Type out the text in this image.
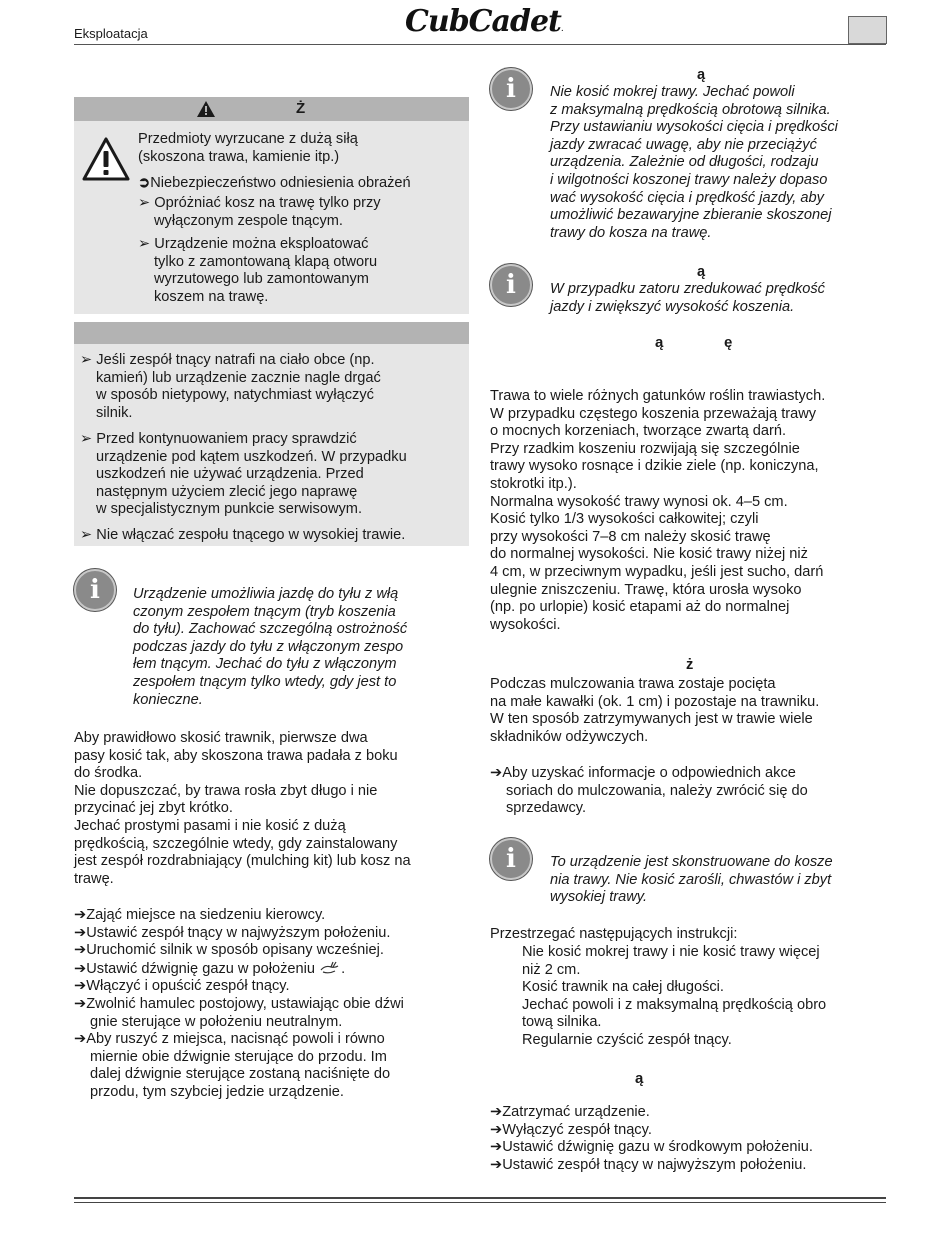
Eksploatacja	CubCadet.
Ż
Przedmioty wyrzucane z dużą siłą
(skoszona trawa, kamienie itp.)
➲Niebezpieczeństwo odniesienia obrażeń
➢ Opróżniać kosz na trawę tylko przy
wyłączonym zespole tnącym.
➢ Urządzenie można eksploatować
tylko z zamontowaną klapą otworu
wyrzutowego lub zamontowanym
koszem na trawę.
➢ Jeśli zespół tnący natrafi na ciało obce (np.
kamień) lub urządzenie zacznie nagle drgać
w sposób nietypowy, natychmiast wyłączyć
silnik.
➢ Przed kontynuowaniem pracy sprawdzić
urządzenie pod kątem uszkodzeń. W przypadku
uszkodzeń nie używać urządzenia. Przed
następnym użyciem zlecić jego naprawę
w specjalistycznym punkcie serwisowym.
➢ Nie włączać zespołu tnącego w wysokiej trawie.
i	Urządzenie umożliwia jazdę do tyłu z włą
czonym zespołem tnącym (tryb koszenia
do tyłu). Zachować szczególną ostrożność
podczas jazdy do tyłu z włączonym zespo
łem tnącym. Jechać do tyłu z włączonym
zespołem tnącym tylko wtedy, gdy jest to
konieczne.
Aby prawidłowo skosić trawnik, pierwsze dwa
pasy kosić tak, aby skoszona trawa padała z boku
do środka.
Nie dopuszczać, by trawa rosła zbyt długo i nie
przycinać jej zbyt krótko.
Jechać prostymi pasami i nie kosić z dużą
prędkością, szczególnie wtedy, gdy zainstalowany
jest zespół rozdrabniający (mulching kit) lub kosz na
trawę.
➔Zająć miejsce na siedzeniu kierowcy.
➔Ustawić zespół tnący w najwyższym położeniu.
➔Uruchomić silnik w sposób opisany wcześniej.
➔Ustawić dźwignię gazu w położeniu .
➔Włączyć i opuścić zespół tnący.
➔Zwolnić hamulec postojowy, ustawiając obie dźwi
gnie sterujące w położeniu neutralnym.
➔Aby ruszyć z miejsca, nacisnąć powoli i równo
miernie obie dźwignie sterujące do przodu. Im
dalej dźwignie sterujące zostaną naciśnięte do
przodu, tym szybciej jedzie urządzenie.
i	ą
Nie kosić mokrej trawy. Jechać powoli
z maksymalną prędkością obrotową silnika.
Przy ustawianiu wysokości cięcia i prędkości
jazdy zwracać uwagę, aby nie przeciążyć
urządzenia. Zależnie od długości, rodzaju
i wilgotności koszonej trawy należy dopaso
wać wysokość cięcia i prędkość jazdy, aby
umożliwić bezawaryjne zbieranie skoszonej
trawy do kosza na trawę.
i	ą
W przypadku zatoru zredukować prędkość
jazdy i zwiększyć wysokość koszenia.
ą	ę
Trawa to wiele różnych gatunków roślin trawiastych.
W przypadku częstego koszenia przeważają trawy
o mocnych korzeniach, tworzące zwartą darń.
Przy rzadkim koszeniu rozwijają się szczególnie
trawy wysoko rosnące i dzikie ziele (np. koniczyna,
stokrotki itp.).
Normalna wysokość trawy wynosi ok. 4–5 cm.
Kosić tylko 1/3 wysokości całkowitej; czyli
przy wysokości 7–8 cm należy skosić trawę
do normalnej wysokości. Nie kosić trawy niżej niż
4 cm, w przeciwnym wypadku, jeśli jest sucho, darń
ulegnie zniszczeniu. Trawę, która urosła wysoko
(np. po urlopie) kosić etapami aż do normalnej
wysokości.
ż
Podczas mulczowania trawa zostaje pocięta
na małe kawałki (ok. 1 cm) i pozostaje na trawniku.
W ten sposób zatrzymywanych jest w trawie wiele
składników odżywczych.
➔Aby uzyskać informacje o odpowiednich akce
soriach do mulczowania, należy zwrócić się do
sprzedawcy.
i	To urządzenie jest skonstruowane do kosze
nia trawy. Nie kosić zarośli, chwastów i zbyt
wysokiej trawy.
Przestrzegać następujących instrukcji:
Nie kosić mokrej trawy i nie kosić trawy więcej
niż 2 cm.
Kosić trawnik na całej długości.
Jechać powoli i z maksymalną prędkością obro
tową silnika.
Regularnie czyścić zespół tnący.
ą
➔Zatrzymać urządzenie.
➔Wyłączyć zespół tnący.
➔Ustawić dźwignię gazu w środkowym położeniu.
➔Ustawić zespół tnący w najwyższym położeniu.
